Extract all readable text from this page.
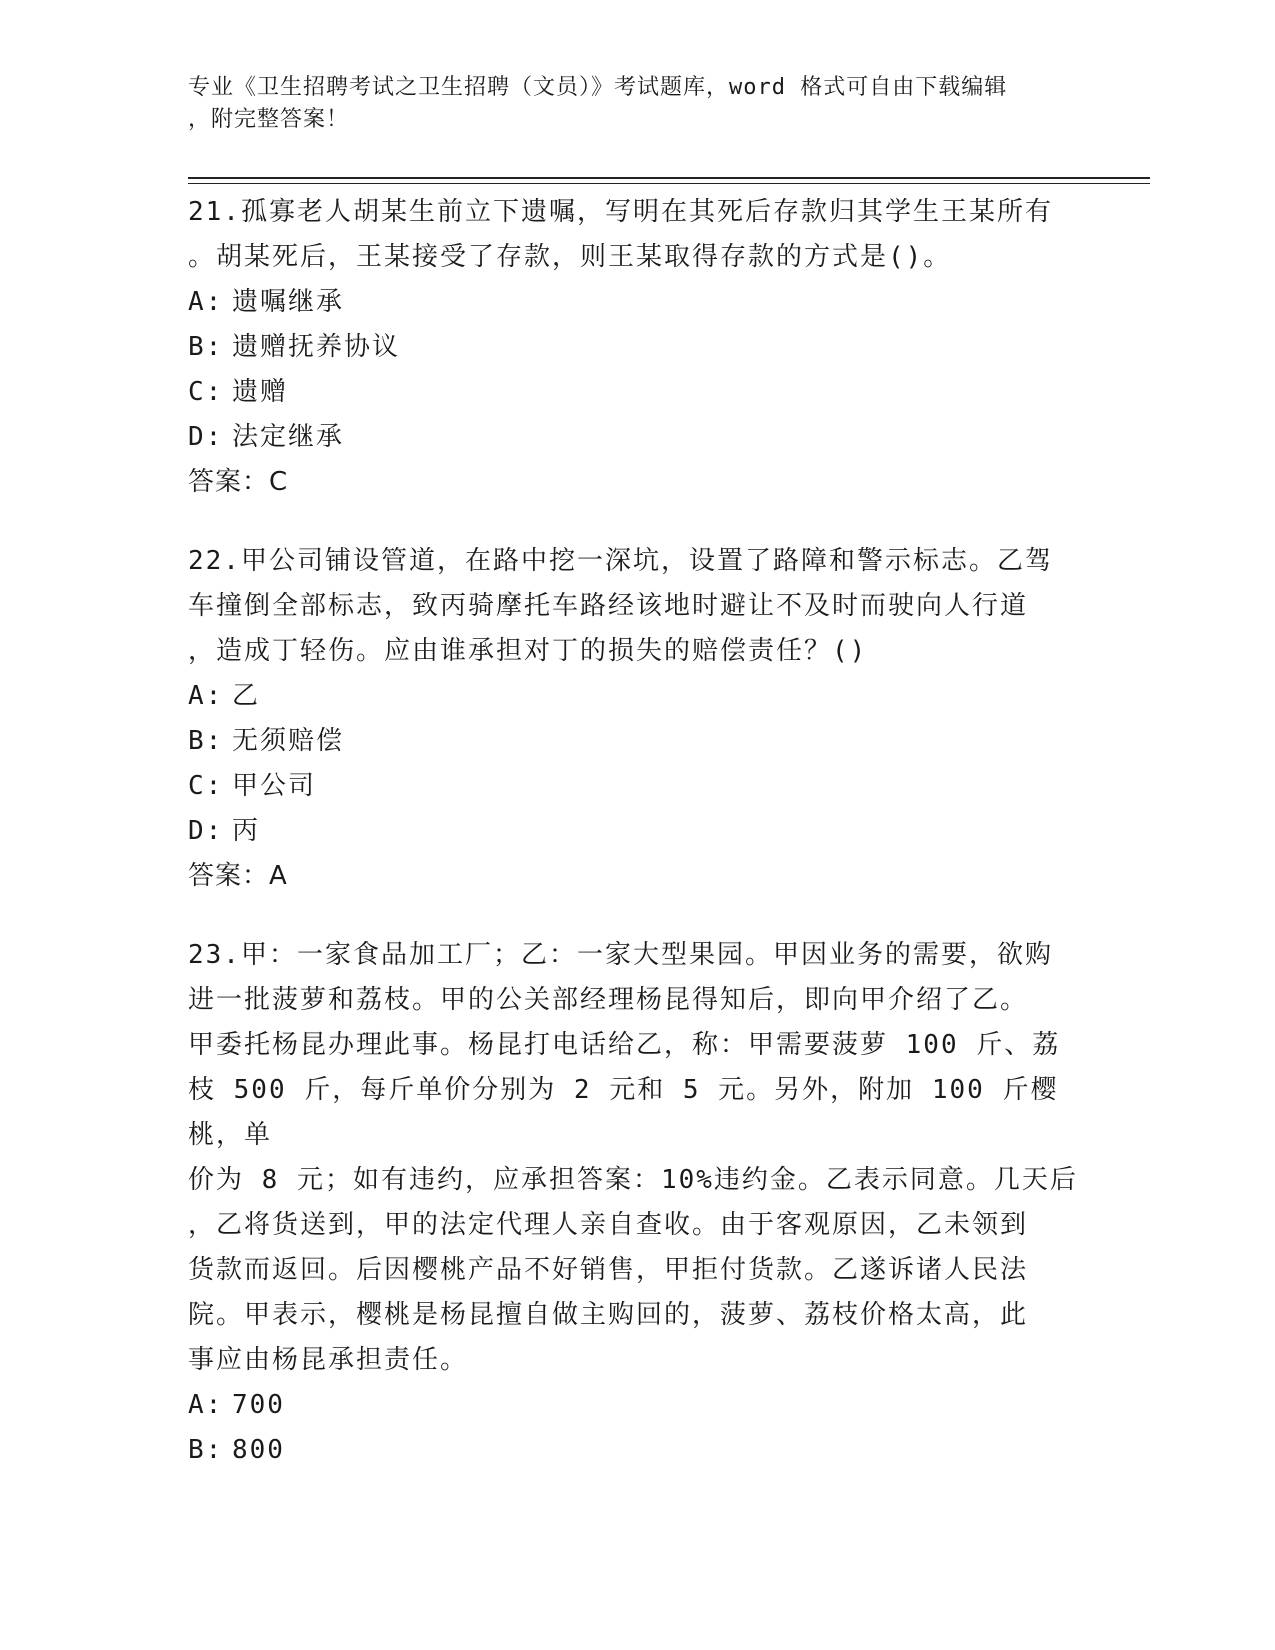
专业《卫生招聘考试之卫生招聘（文员）》考试题库，word 格式可自由下载编辑
，附完整答案！

21.孤寡老人胡某生前立下遗嘱，写明在其死后存款归其学生王某所有
。胡某死后，王某接受了存款，则王某取得存款的方式是()。

A: 遗嘱继承

B: 遗赠抚养协议

C: 遗赠

D: 法定继承

答案：C

22.甲公司铺设管道，在路中挖一深坑，设置了路障和警示标志。乙驾
车撞倒全部标志，致丙骑摩托车路经该地时避让不及时而驶向人行道
，造成丁轻伤。应由谁承担对丁的损失的赔偿责任？()

A: 乙

B: 无须赔偿

C: 甲公司

D: 丙

答案：A

23.甲：一家食品加工厂；乙：一家大型果园。甲因业务的需要，欲购
进一批菠萝和荔枝。甲的公关部经理杨昆得知后，即向甲介绍了乙。
甲委托杨昆办理此事。杨昆打电话给乙，称：甲需要菠萝 100 斤、荔
枝 500 斤，每斤单价分别为 2 元和 5 元。另外，附加 100 斤樱桃，单
价为 8 元；如有违约，应承担答案：10%违约金。乙表示同意。几天后
，乙将货送到，甲的法定代理人亲自查收。由于客观原因，乙未领到
货款而返回。后因樱桃产品不好销售，甲拒付货款。乙遂诉诸人民法
院。甲表示，樱桃是杨昆擅自做主购回的，菠萝、荔枝价格太高，此
事应由杨昆承担责任。

A: 700

B: 800
